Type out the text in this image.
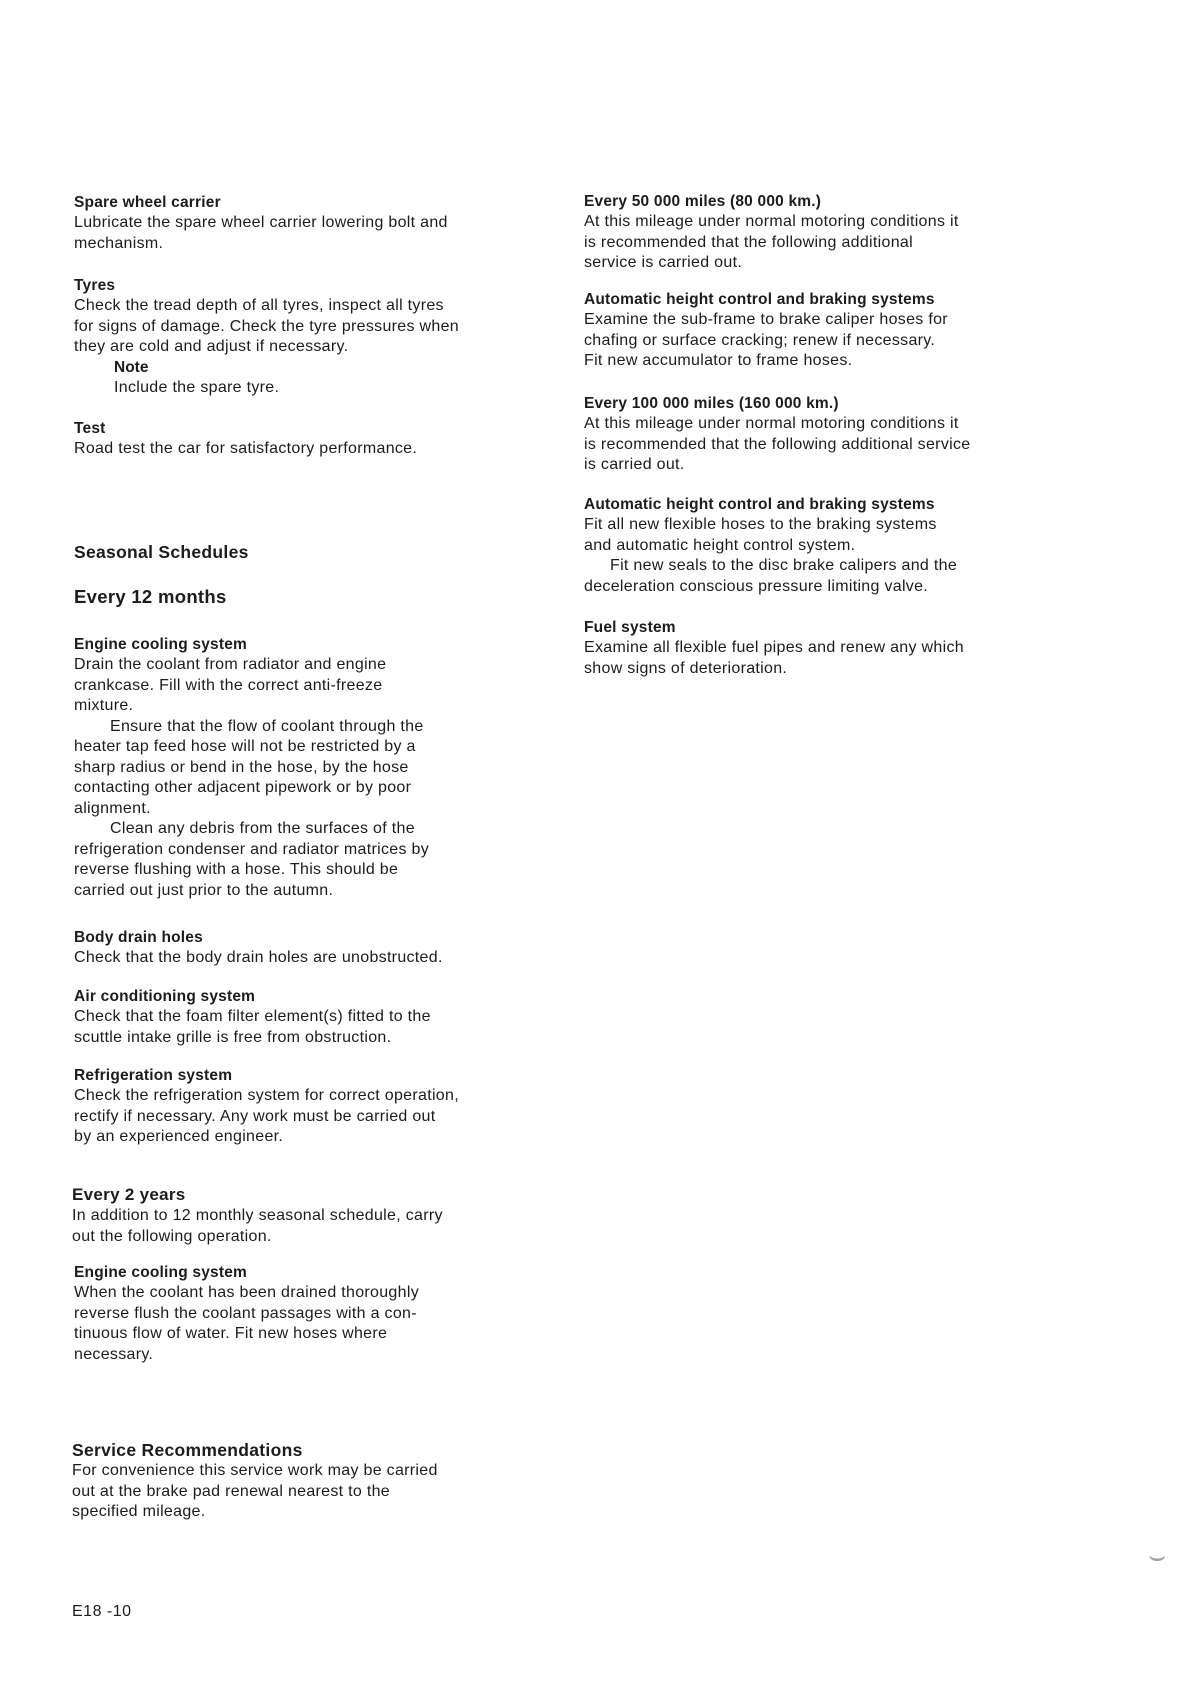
Spare wheel carrier

Lubricate the spare wheel carrier lowering bolt and

mechanism.

Tyres

Check the tread depth of all tyres, inspect all tyres

for signs of damage. Check the tyre pressures when

they are cold and adjust if necessary.

Note

Include the spare tyre.

Test

Road test the car for satisfactory performance.

Seasonal Schedules

Every 12 months

Engine cooling system

Drain the coolant from radiator and engine

crankcase. Fill with the correct anti-freeze

mixture.

Ensure that the flow of coolant through the

heater tap feed hose will not be restricted by a

sharp radius or bend in the hose, by the hose

contacting other adjacent pipework or by poor

alignment.

Clean any debris from the surfaces of the

refrigeration condenser and radiator matrices by

reverse flushing with a hose. This should be

carried out just prior to the autumn.

Body drain holes

Check that the body drain holes are unobstructed.

Air conditioning system

Check that the foam filter element(s) fitted to the

scuttle intake grille is free from obstruction.

Refrigeration system

Check the refrigeration system for correct operation,

rectify if necessary. Any work must be carried out

by an experienced engineer.

Every 2 years

In addition to 12 monthly seasonal schedule, carry

out the following operation.

Engine cooling system

When the coolant has been drained thoroughly

reverse flush the coolant passages with a con-

tinuous flow of water. Fit new hoses where

necessary.

Service Recommendations

For convenience this service work may be carried

out at the brake pad renewal nearest to the

specified mileage.

Every 50 000 miles (80 000 km.)

At this mileage under normal motoring conditions it

is recommended that the following additional

service is carried out.

Automatic height control and braking systems

Examine the sub-frame to brake caliper hoses for

chafing or surface cracking; renew if necessary.

Fit new accumulator to frame hoses.

Every 100 000 miles (160 000 km.)

At this mileage under normal motoring conditions it

is recommended that the following additional service

is carried out.

Automatic height control and braking systems

Fit all new flexible hoses to the braking systems

and automatic height control system.

Fit new seals to the disc brake calipers and the

deceleration conscious pressure limiting valve.

Fuel system

Examine all flexible fuel pipes and renew any which

show signs of deterioration.

E18 -10
⌣
